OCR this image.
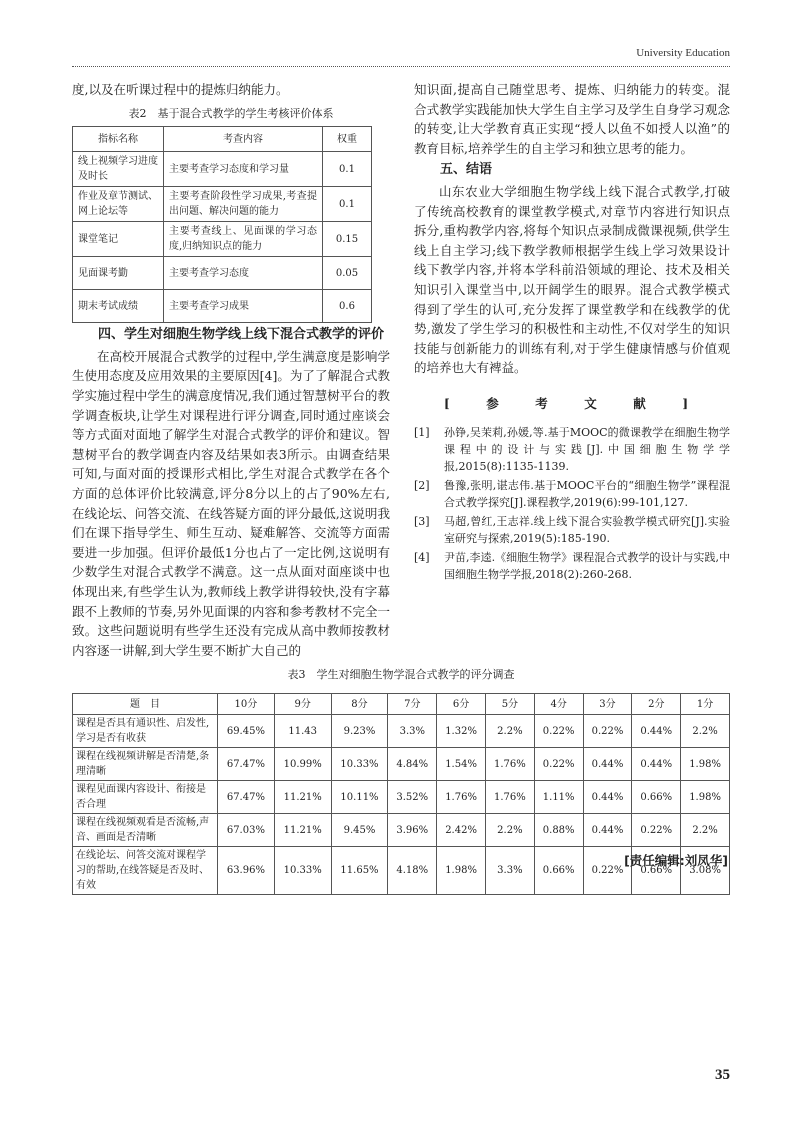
University Education

度,以及在听课过程中的提炼归纳能力。

表2　基于混合式教学的学生考核评价体系
指标名称	考查内容	权重
线上视频学习进度及时长	主要考查学习态度和学习量	0.1
作业及章节测试、网上论坛等	主要考查阶段性学习成果,考查提出问题、解决问题的能力	0.1
课堂笔记	主要考查线上、见面课的学习态度,归纳知识点的能力	0.15
见面课考勤	主要考查学习态度	0.05
期末考试成绩	主要考查学习成果	0.6
四、学生对细胞生物学线上线下混合式教学的评价

在高校开展混合式教学的过程中,学生满意度是影响学生使用态度及应用效果的主要原因[4]。为了了解混合式教学实施过程中学生的满意度情况,我们通过智慧树平台的教学调查板块,让学生对课程进行评分调查,同时通过座谈会等方式面对面地了解学生对混合式教学的评价和建议。智慧树平台的教学调查内容及结果如表3所示。由调查结果可知,与面对面的授课形式相比,学生对混合式教学在各个方面的总体评价比较满意,评分8分以上的占了90%左右,在线论坛、问答交流、在线答疑方面的评分最低,这说明我们在课下指导学生、师生互动、疑难解答、交流等方面需要进一步加强。但评价最低1分也占了一定比例,这说明有少数学生对混合式教学不满意。这一点从面对面座谈中也体现出来,有些学生认为,教师线上教学讲得较快,没有字幕跟不上教师的节奏,另外见面课的内容和参考教材不完全一致。这些问题说明有些学生还没有完成从高中教师按教材内容逐一讲解,到大学生要不断扩大自己的

知识面,提高自己随堂思考、提炼、归纳能力的转变。混合式教学实践能加快大学生自主学习及学生自身学习观念的转变,让大学教育真正实现“授人以鱼不如授人以渔”的教育目标,培养学生的自主学习和独立思考的能力。

五、结语

山东农业大学细胞生物学线上线下混合式教学,打破了传统高校教育的课堂教学模式,对章节内容进行知识点拆分,重构教学内容,将每个知识点录制成微课视频,供学生线上自主学习;线下教学教师根据学生线上学习效果设计线下教学内容,并将本学科前沿领域的理论、技术及相关知识引入课堂当中,以开阔学生的眼界。混合式教学模式得到了学生的认可,充分发挥了课堂教学和在线教学的优势,激发了学生学习的积极性和主动性,不仅对学生的知识技能与创新能力的训练有利,对于学生健康情感与价值观的培养也大有裨益。

[　参　考　文　献　]
[1]	孙铮,吴茉莉,孙媛,等.基于MOOC的微课教学在细胞生物学课程中的设计与实践[J].中国细胞生物学学报,2015(8):1135-1139.
[2]	鲁豫,张明,谌志伟.基于MOOC平台的“细胞生物学”课程混合式教学探究[J].课程教学,2019(6):99-101,127.
[3]	马超,曾红,王志祥.线上线下混合实验教学模式研究[J].实验室研究与探索,2019(5):185-190.
[4]	尹苗,李逵.《细胞生物学》课程混合式教学的设计与实践,中国细胞生物学学报,2018(2):260-268.
表3　学生对细胞生物学混合式教学的评分调查
题　目	10分	9分	8分	7分	6分	5分	4分	3分	2分	1分
课程是否具有通识性、启发性,学习是否有收获	69.45%	11.43	9.23%	3.3%	1.32%	2.2%	0.22%	0.22%	0.44%	2.2%
课程在线视频讲解是否清楚,条理清晰	67.47%	10.99%	10.33%	4.84%	1.54%	1.76%	0.22%	0.44%	0.44%	1.98%
课程见面课内容设计、衔接是否合理	67.47%	11.21%	10.11%	3.52%	1.76%	1.76%	1.11%	0.44%	0.66%	1.98%
课程在线视频观看是否流畅,声音、画面是否清晰	67.03%	11.21%	9.45%	3.96%	2.42%	2.2%	0.88%	0.44%	0.22%	2.2%
在线论坛、问答交流对课程学习的帮助,在线答疑是否及时、有效	63.96%	10.33%	11.65%	4.18%	1.98%	3.3%	0.66%	0.22%	0.66%	3.08%
[责任编辑:刘凤华]
35
